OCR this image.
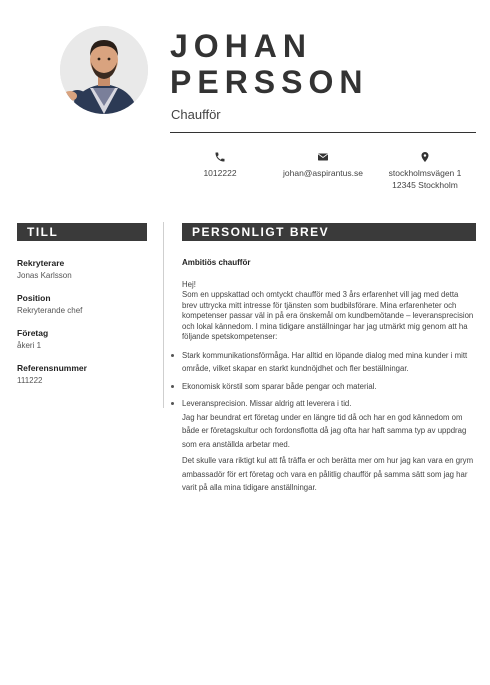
JOHAN
PERSSON
Chaufför
1012222	johan@aspirantus.se	stockholmsvägen 1
12345 Stockholm
TILL	PERSONLIGT BREV

Rekryterare

Jonas Karlsson

Position

Rekryterande chef

Företag

åkeri 1

Referensnummer

111222

Ambitiös chaufför

Hej!

Som en uppskattad och omtyckt chaufför med 3 års erfarenhet vill jag med detta brev uttrycka mitt intresse för tjänsten som budbilsförare. Mina erfarenheter och kompetenser passar väl in på era önskemål om kundbemötande – leveransprecision och lokal kännedom. I mina tidigare anställningar har jag utmärkt mig genom att ha följande spetskompetenser:

Stark kommunikationsförmåga. Har alltid en löpande dialog med mina kunder i mitt område, vilket skapar en starkt kundnöjdhet och fler beställningar.
Ekonomisk körstil som sparar både pengar och material.
Leveransprecision. Missar aldrig att leverera i tid.

Jag har beundrat ert företag under en längre tid då och har en god kännedom om både er företagskultur och fordonsflotta då jag ofta har haft samma typ av uppdrag som era anställda arbetar med.

Det skulle vara riktigt kul att få träffa er och berätta mer om hur jag kan vara en grym ambassadör för ert företag och vara en pålitlig chaufför på samma sätt som jag har varit på alla mina tidigare anställningar.
